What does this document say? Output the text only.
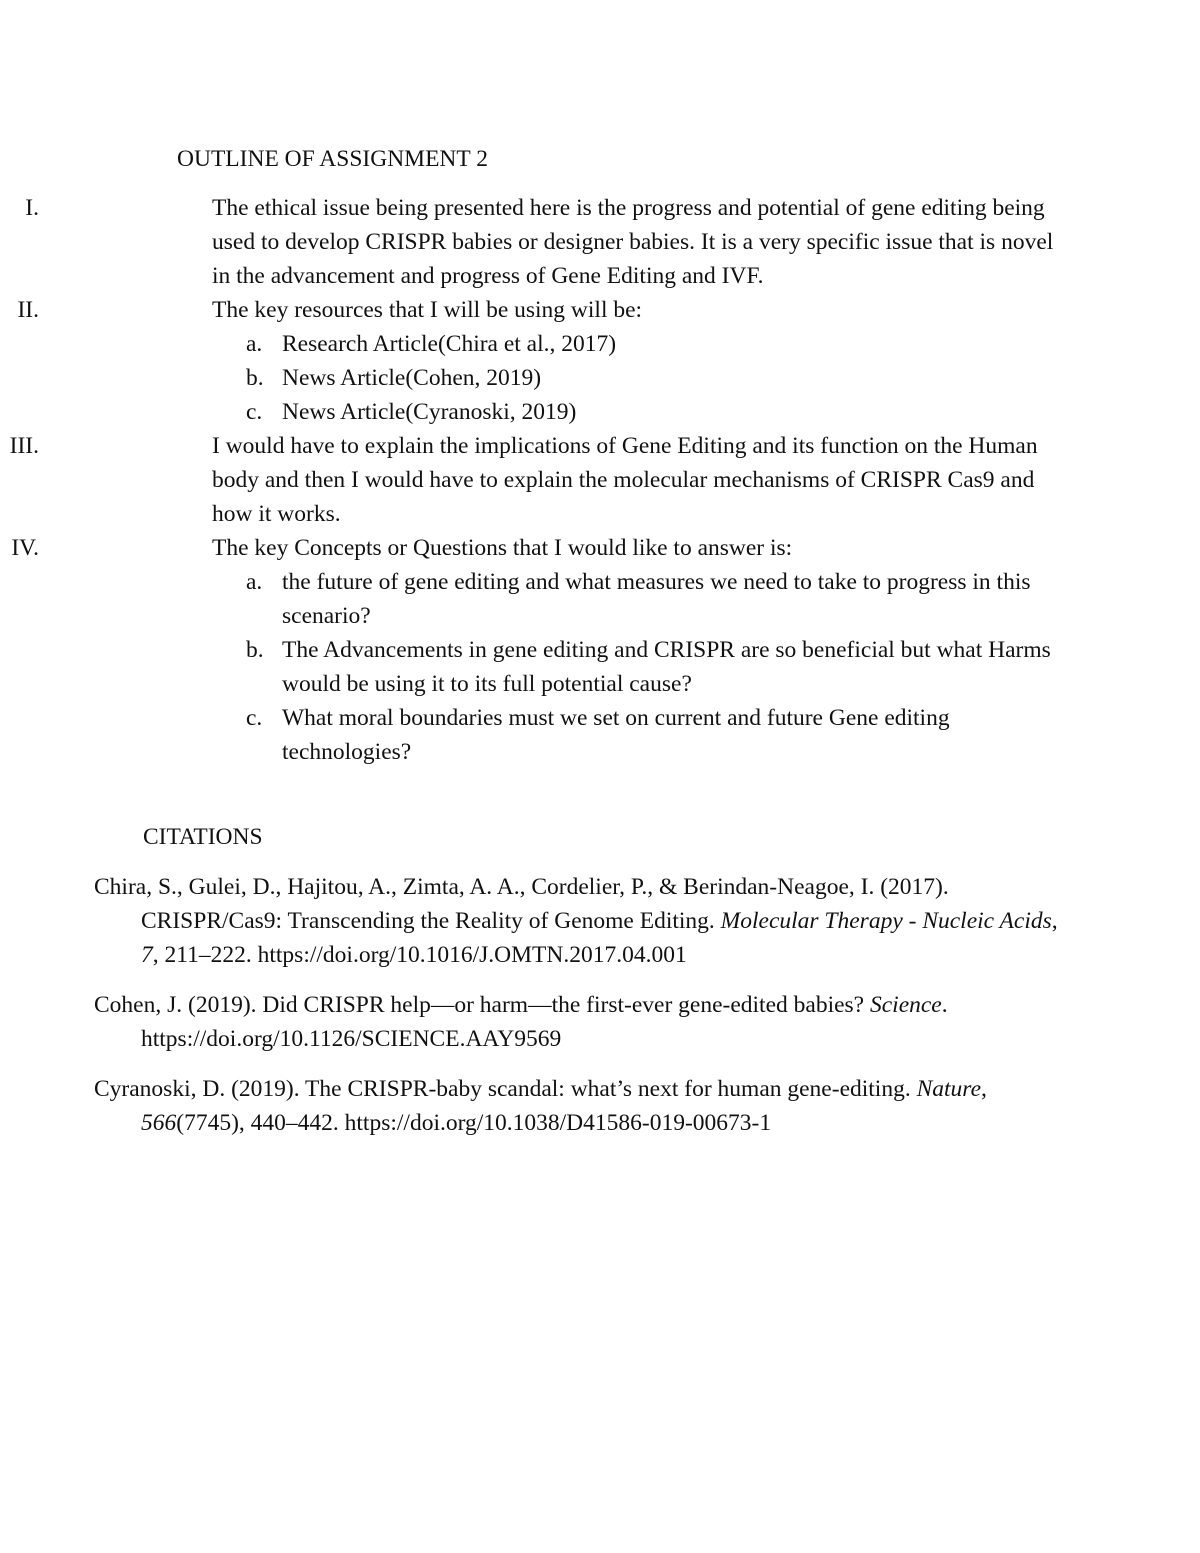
OUTLINE OF ASSIGNMENT 2
I.	The ethical issue being presented here is the progress and potential of gene editing being used to develop CRISPR babies or designer babies. It is a very specific issue that is novel in the advancement and progress of Gene Editing and IVF.
II.	The key resources that I will be using will be:
a. Research Article(Chira et al., 2017)
b. News Article(Cohen, 2019)
c. News Article(Cyranoski, 2019)
III.	I would have to explain the implications of Gene Editing and its function on the Human body and then I would have to explain the molecular mechanisms of CRISPR Cas9 and how it works.
IV.	The key Concepts or Questions that I would like to answer is:
a. the future of gene editing and what measures we need to take to progress in this scenario?
b. The Advancements in gene editing and CRISPR are so beneficial but what Harms would be using it to its full potential cause?
c. What moral boundaries must we set on current and future Gene editing technologies?
CITATIONS
Chira, S., Gulei, D., Hajitou, A., Zimta, A. A., Cordelier, P., & Berindan-Neagoe, I. (2017). CRISPR/Cas9: Transcending the Reality of Genome Editing. Molecular Therapy - Nucleic Acids, 7, 211–222. https://doi.org/10.1016/J.OMTN.2017.04.001
Cohen, J. (2019). Did CRISPR help—or harm—the first-ever gene-edited babies? Science. https://doi.org/10.1126/SCIENCE.AAY9569
Cyranoski, D. (2019). The CRISPR-baby scandal: what’s next for human gene-editing. Nature, 566(7745), 440–442. https://doi.org/10.1038/D41586-019-00673-1
